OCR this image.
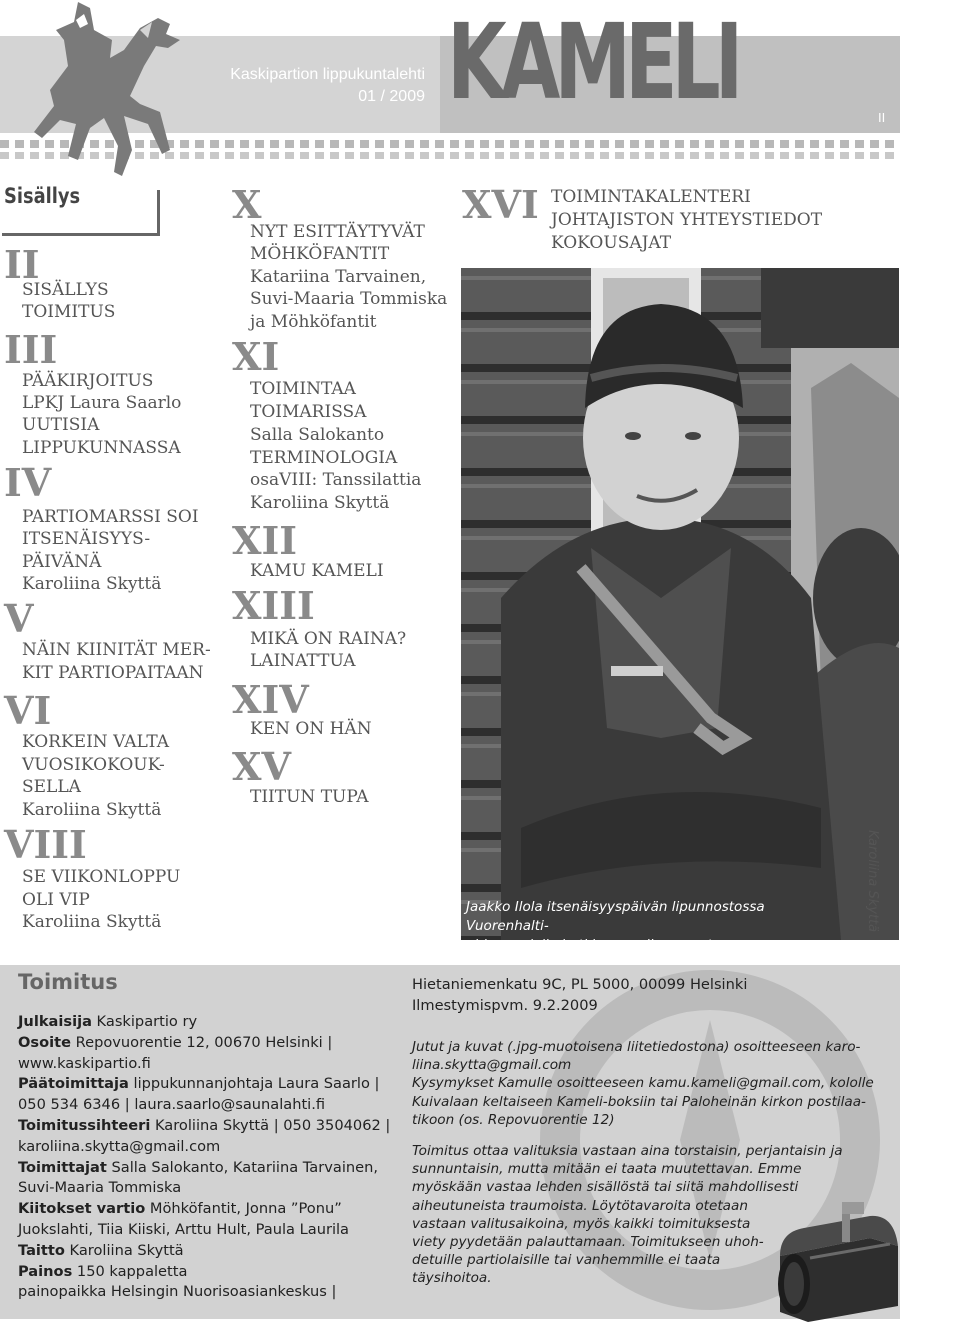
KAMELI
Kaskipartion lippukuntalehti
01 / 2009
II
Sisällys
II
SISÄLLYS
TOIMITUS
III
PÄÄKIRJOITUS
LPKJ Laura Saarlo
UUTISIA
LIPPUKUNNASSA
IV
PARTIOMARSSI SOI
ITSENÄISYYS-
PÄIVÄNÄ
Karoliina Skyttä
V
NÄIN KIINITÄT MER-
KIT PARTIOPAITAAN
VI
KORKEIN VALTA
VUOSIKOKOUK-
SELLA
Karoliina Skyttä
VIII
SE VIIKONLOPPU
OLI VIP
Karoliina Skyttä
X
NYT ESITTÄYTYVÄT
MÖHKÖFANTIT
Katariina Tarvainen,
Suvi-Maaria Tommiska
ja Möhköfantit
XI
TOIMINTAA
TOIMARISSA
Salla Salokanto
TERMINOLOGIA
osaVIII: Tanssilattia
Karoliina Skyttä
XII
KAMU KAMELI
XIII
MIKÄ ON RAINA?
LAINATTUA
XIV
KEN ON HÄN
XV
TIITUN TUPA
XVI TOIMINTAKALENTERI
JOHTAJISTON YHTEYSTIEDOT
KOKOUSAJAT
Jaakko Ilola itsenäisyyspäivän lipunnostossa Vuorenhalti-
oiden majalla hetki ennen lipun nostoa.
Karoliina Skyttä
Toimitus
Julkaisija Kaskipartio ry
Osoite Repovuorentie 12, 00670 Helsinki |
www.kaskipartio.fi
Päätoimittaja lippukunnanjohtaja Laura Saarlo |
050 534 6346 | laura.saarlo@saunalahti.fi
Toimitussihteeri Karoliina Skyttä | 050 3504062 |
karoliina.skytta@gmail.com
Toimittajat Salla Salokanto, Katariina Tarvainen,
Suvi-Maaria Tommiska
Kiitokset vartio Möhköfantit, Jonna ”Ponu”
Juokslahti, Tiia Kiiski, Arttu Hult, Paula Laurila
Taitto Karoliina Skyttä
Painos 150 kappaletta
painopaikka Helsingin Nuorisoasiankeskus |
Hietaniemenkatu 9C, PL 5000, 00099 Helsinki
Ilmestymispvm. 9.2.2009
Jutut ja kuvat (.jpg-muotoisena liitetiedostona) osoitteeseen karo-
liina.skytta@gmail.com
Kysymykset Kamulle osoitteeseen kamu.kameli@gmail.com, kololle
Kuivalaan keltaiseen Kameli-boksiin tai Paloheinän kirkon postilaa-
tikoon (os. Repovuorentie 12)
Toimitus ottaa valituksia vastaan aina torstaisin, perjantaisin ja
sunnuntaisin, mutta mitään ei taata muutettavan. Emme
myöskään vastaa lehden sisällöstä tai siitä mahdollisesti
aiheutuneista traumoista. Löytötavaroita otetaan
vastaan valitusaikoina, myös kaikki toimituksesta
viety pyydetään palauttamaan. Toimitukseen uhoh-
detuille partiolaisille tai vanhemmille ei taata
täysihoitoa.
